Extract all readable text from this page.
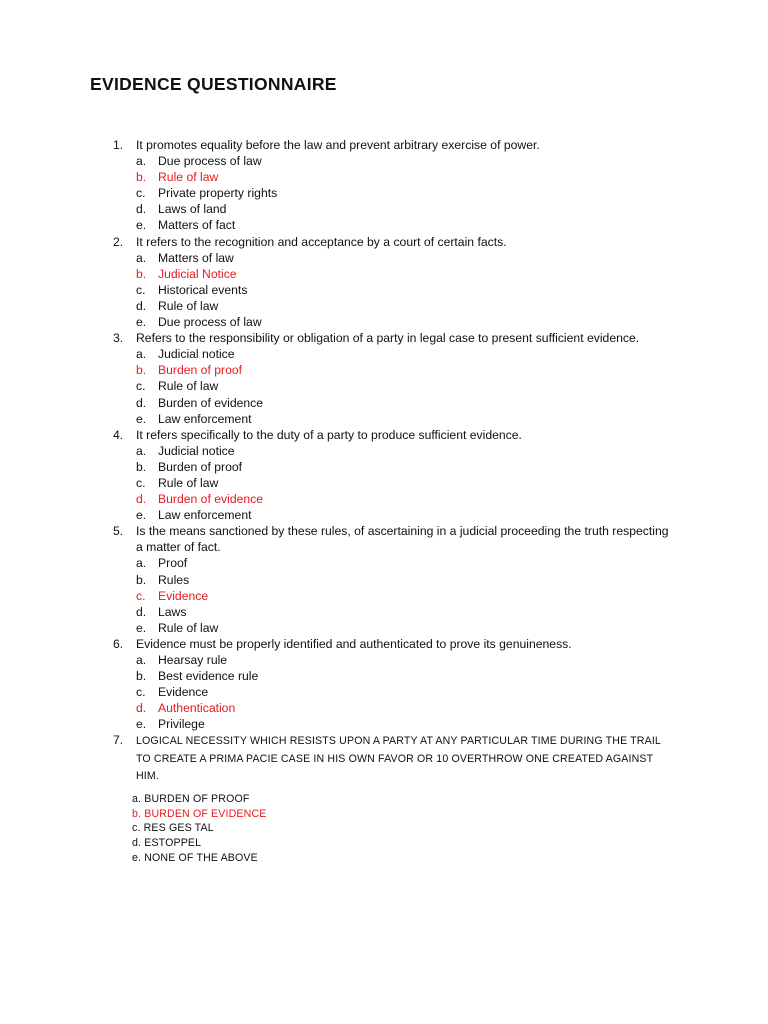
EVIDENCE QUESTIONNAIRE
1. It promotes equality before the law and prevent arbitrary exercise of power.
a. Due process of law
b. Rule of law
c. Private property rights
d. Laws of land
e. Matters of fact
2. It refers to the recognition and acceptance by a court of certain facts.
a. Matters of law
b. Judicial Notice
c. Historical events
d. Rule of law
e. Due process of law
3. Refers to the responsibility or obligation of a party in legal case to present sufficient evidence.
a. Judicial notice
b. Burden of proof
c. Rule of law
d. Burden of evidence
e. Law enforcement
4. It refers specifically to the duty of a party to produce sufficient evidence.
a. Judicial notice
b. Burden of proof
c. Rule of law
d. Burden of evidence
e. Law enforcement
5. Is the means sanctioned by these rules, of ascertaining in a judicial proceeding the truth respecting a matter of fact.
a. Proof
b. Rules
c. Evidence
d. Laws
e. Rule of law
6. Evidence must be properly identified and authenticated to prove its genuineness.
a. Hearsay rule
b. Best evidence rule
c. Evidence
d. Authentication
e. Privilege
7. LOGICAL NECESSITY WHICH RESISTS UPON A PARTY AT ANY PARTICULAR TIME DURING THE TRAIL TO CREATE A PRIMA PACIE CASE IN HIS OWN FAVOR OR 10 OVERTHROW ONE CREATED AGAINST HIM.
a. BURDEN OF PROOF
b. BURDEN OF EVIDENCE
c. RES GES TAL
d. ESTOPPEL
e. NONE OF THE ABOVE
